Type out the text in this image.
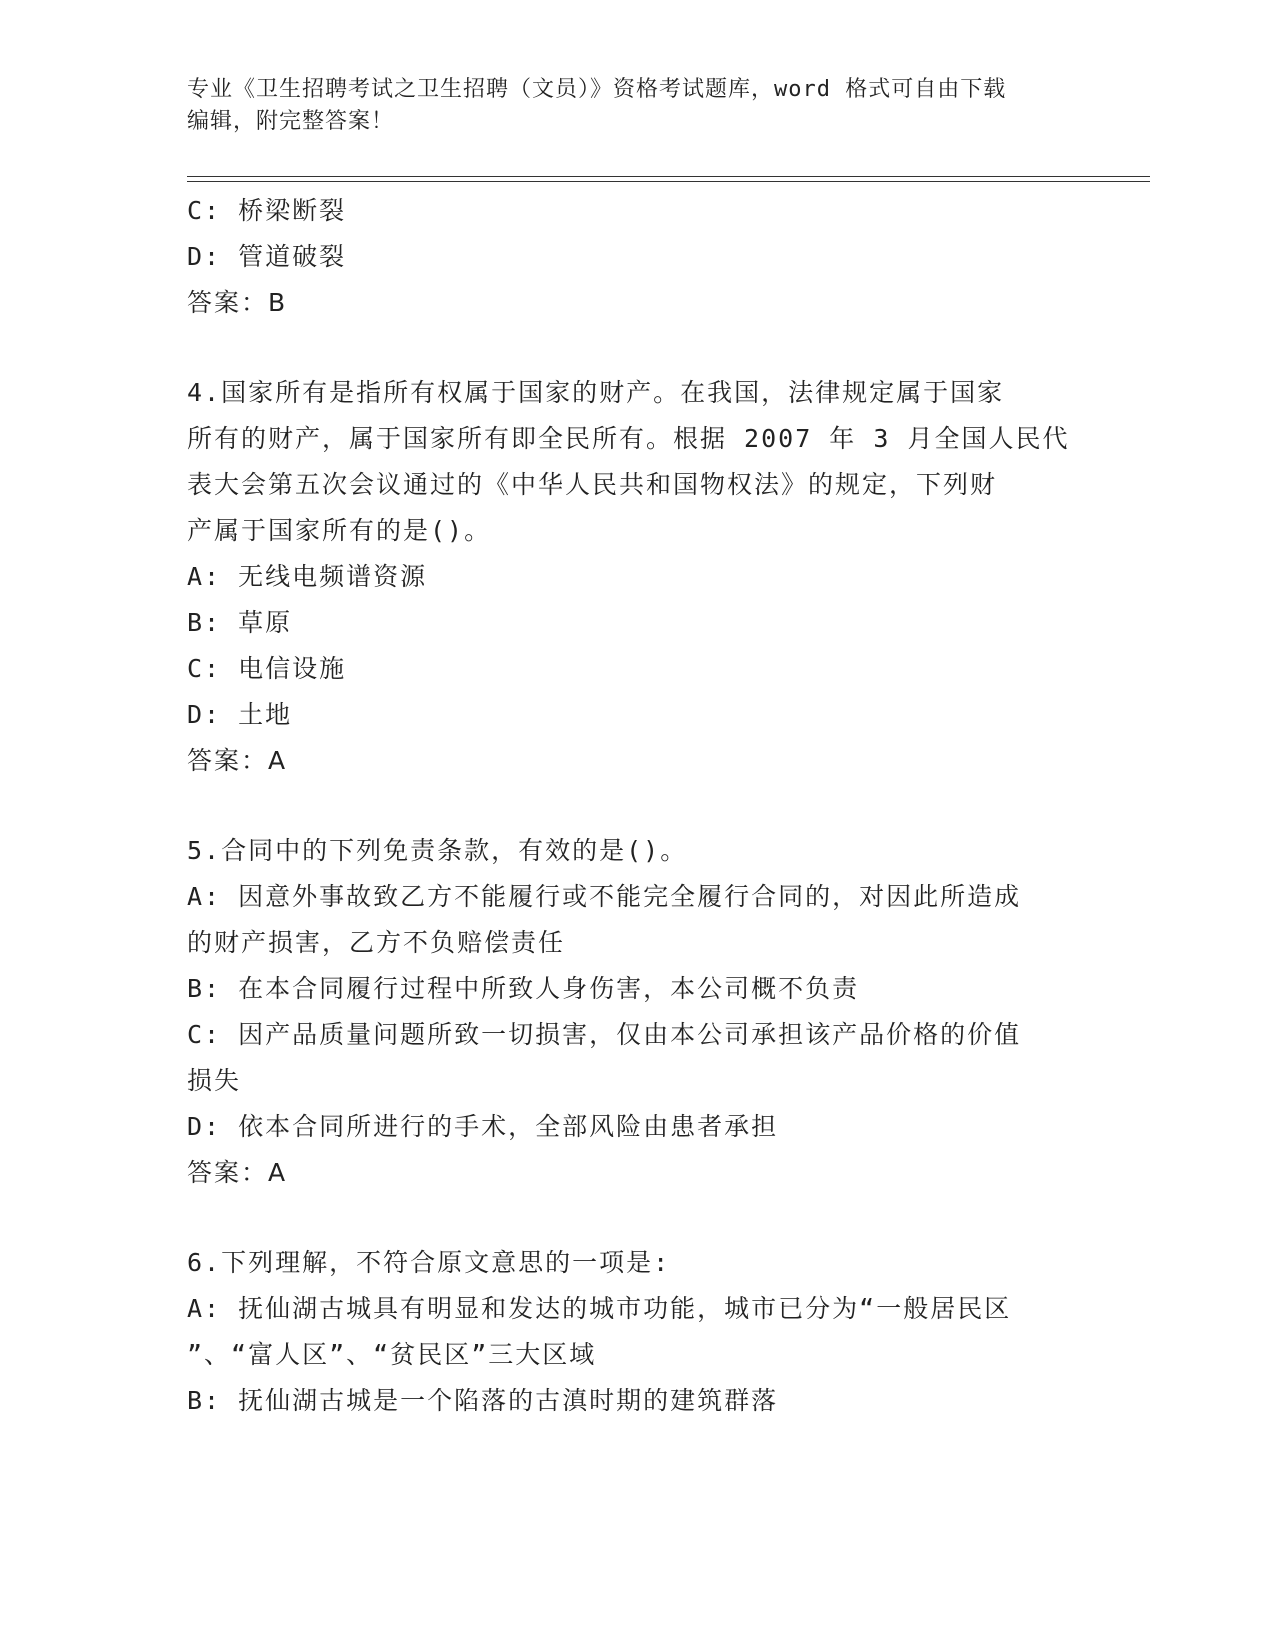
专业《卫生招聘考试之卫生招聘（文员）》资格考试题库，word 格式可自由下载
编辑，附完整答案！

C: 桥梁断裂

D: 管道破裂

答案：B

4.国家所有是指所有权属于国家的财产。在我国，法律规定属于国家

所有的财产，属于国家所有即全民所有。根据 2007 年 3 月全国人民代

表大会第五次会议通过的《中华人民共和国物权法》的规定，下列财

产属于国家所有的是()。

A: 无线电频谱资源

B: 草原

C: 电信设施

D: 土地

答案：A

5.合同中的下列免责条款，有效的是()。

A: 因意外事故致乙方不能履行或不能完全履行合同的，对因此所造成

的财产损害，乙方不负赔偿责任

B: 在本合同履行过程中所致人身伤害，本公司概不负责

C: 因产品质量问题所致一切损害，仅由本公司承担该产品价格的价值

损失

D: 依本合同所进行的手术，全部风险由患者承担

答案：A

6.下列理解，不符合原文意思的一项是:

A: 抚仙湖古城具有明显和发达的城市功能，城市已分为“一般居民区

”、“富人区”、“贫民区”三大区域

B: 抚仙湖古城是一个陷落的古滇时期的建筑群落
